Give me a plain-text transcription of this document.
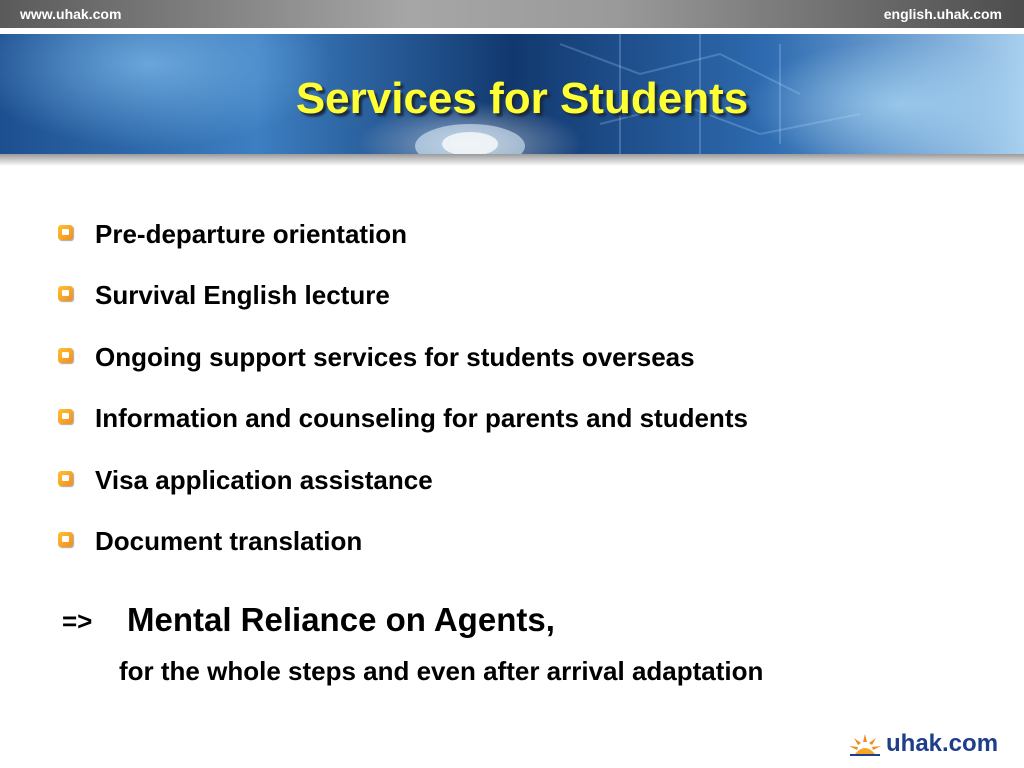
www.uhak.com	english.uhak.com
Services for Students
Pre-departure orientation
Survival English lecture
Ongoing support services for students overseas
Information and counseling for parents and students
Visa application assistance
Document translation
=> Mental Reliance on Agents,
for the whole steps and even after arrival adaptation
uhak.com
